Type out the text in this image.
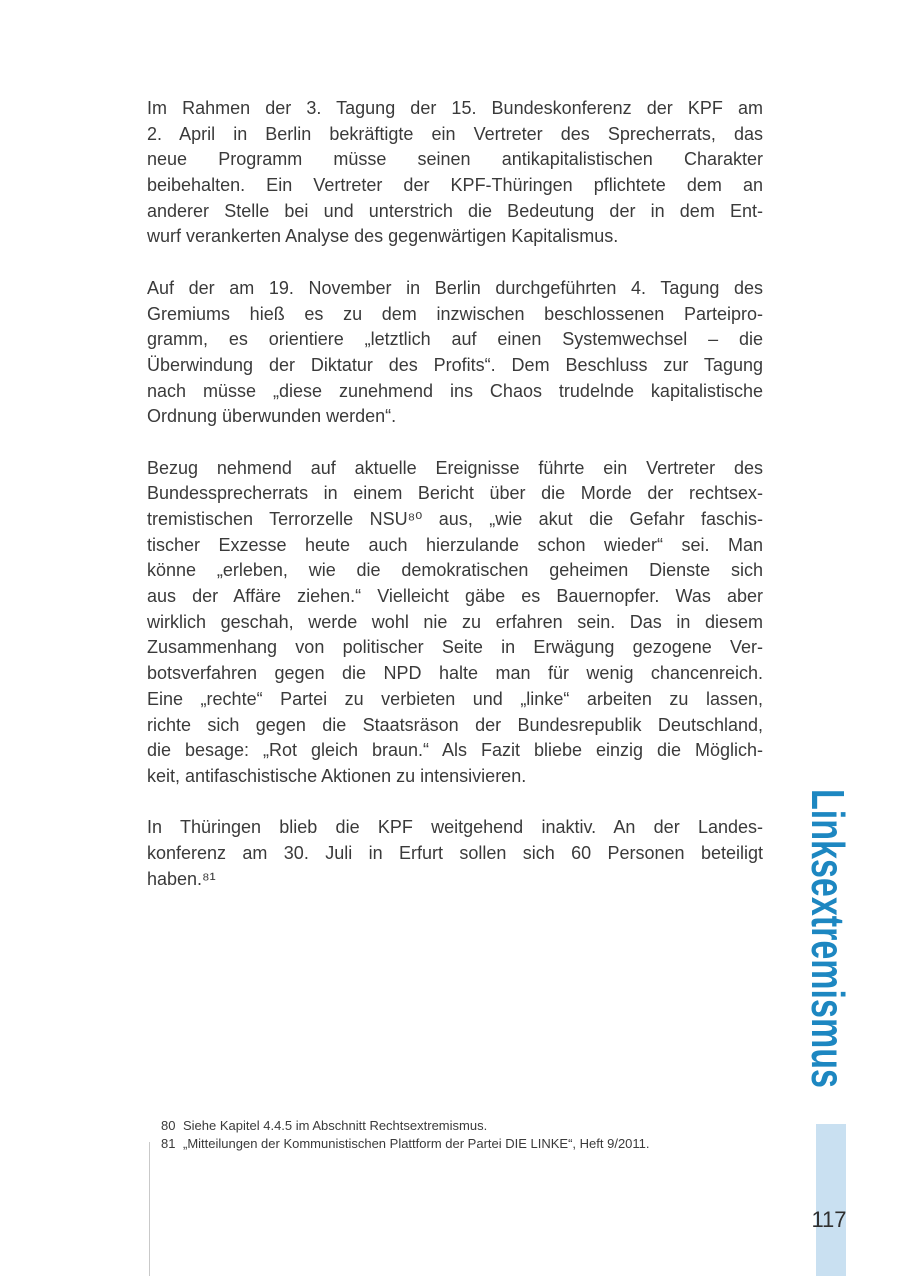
Im Rahmen der 3. Tagung der 15. Bundeskonferenz der KPF am
2. April in Berlin bekräftigte ein Vertreter des Sprecherrats, das
neue Programm müsse seinen antikapitalistischen Charakter
beibehalten. Ein Vertreter der KPF-Thüringen pflichtete dem an
anderer Stelle bei und unterstrich die Bedeutung der in dem Ent-
wurf verankerten Analyse des gegenwärtigen Kapitalismus.
Auf der am 19. November in Berlin durchgeführten 4. Tagung des
Gremiums hieß es zu dem inzwischen beschlossenen Parteipro-
gramm, es orientiere „letztlich auf einen Systemwechsel – die
Überwindung der Diktatur des Profits“. Dem Beschluss zur Tagung
nach müsse „diese zunehmend ins Chaos trudelnde kapitalistische
Ordnung überwunden werden“.
Bezug nehmend auf aktuelle Ereignisse führte ein Vertreter des
Bundessprecherrats in einem Bericht über die Morde der rechtsex-
tremistischen Terrorzelle NSU⁸⁰ aus, „wie akut die Gefahr faschis-
tischer Exzesse heute auch hierzulande schon wieder“ sei. Man
könne „erleben, wie die demokratischen geheimen Dienste sich
aus der Affäre ziehen.“ Vielleicht gäbe es Bauernopfer. Was aber
wirklich geschah, werde wohl nie zu erfahren sein. Das in diesem
Zusammenhang von politischer Seite in Erwägung gezogene Ver-
botsverfahren gegen die NPD halte man für wenig chancenreich.
Eine „rechte“ Partei zu verbieten und „linke“ arbeiten zu lassen,
richte sich gegen die Staatsräson der Bundesrepublik Deutschland,
die besage: „Rot gleich braun.“ Als Fazit bliebe einzig die Möglich-
keit, antifaschistische Aktionen zu intensivieren.
In Thüringen blieb die KPF weitgehend inaktiv. An der Landes-
konferenz am 30. Juli in Erfurt sollen sich 60 Personen beteiligt
haben.⁸¹	Linksextremismus
80 Siehe Kapitel 4.4.5 im Abschnitt Rechtsextremismus.
81 „Mitteilungen der Kommunistischen Plattform der Partei DIE LINKE“, Heft 9/2011.
117
